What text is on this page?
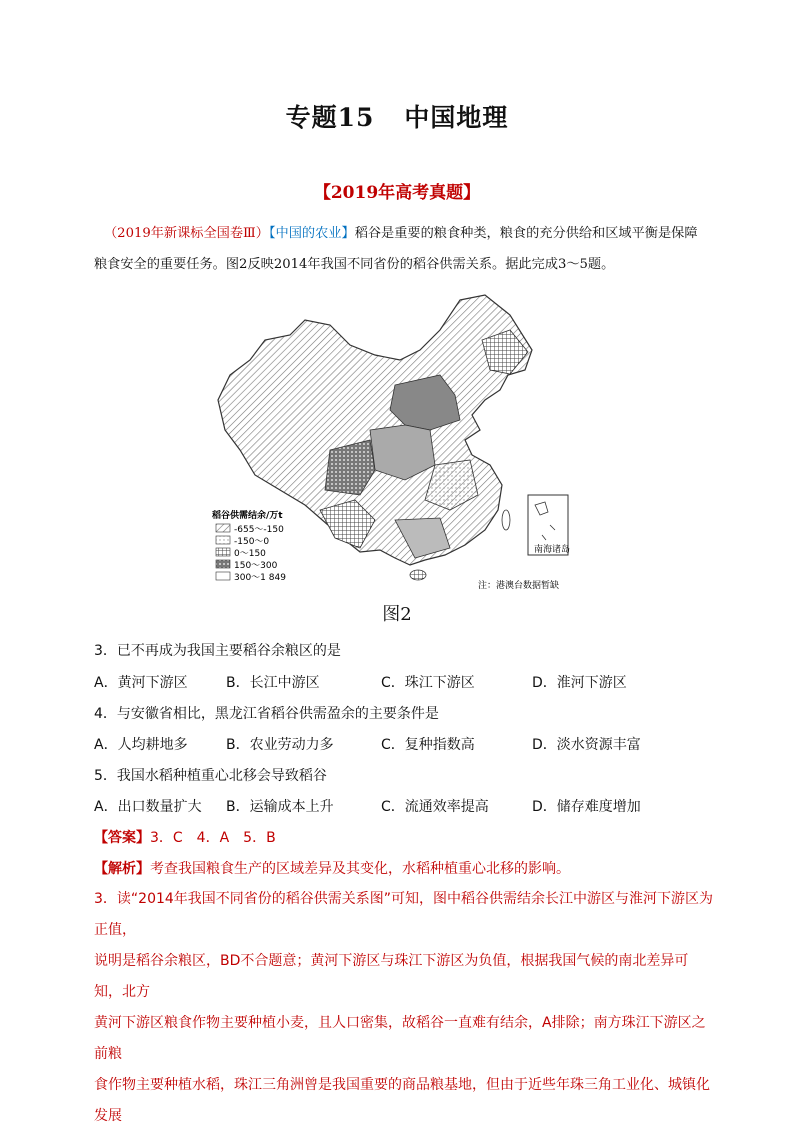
专题15 中国地理
【2019年高考真题】
（2019年新课标全国卷Ⅲ）【中国的农业】稻谷是重要的粮食种类，粮食的充分供给和区域平衡是保障
粮食安全的重要任务。图2反映2014年我国不同省份的稻谷供需关系。据此完成3～5题。
南海诸岛
稻谷供需结余/万t
-655～-150
-150～0
0～150
150～300
300～1 849
注：港澳台数据暂缺
图2
3．已不再成为我国主要稻谷余粮区的是
A．黄河下游区	B．长江中游区	C．珠江下游区	D．淮河下游区
4．与安徽省相比，黑龙江省稻谷供需盈余的主要条件是
A．人均耕地多	B．农业劳动力多	C．复种指数高	D．淡水资源丰富
5．我国水稻种植重心北移会导致稻谷
A．出口数量扩大 B．运输成本上升	C．流通效率提高	D．储存难度增加
【答案】3．C　4．A　5．B
【解析】考查我国粮食生产的区域差异及其变化，水稻种植重心北移的影响。
3．读“2014年我国不同省份的稻谷供需关系图”可知，图中稻谷供需结余长江中游区与淮河下游区为正值，
说明是稻谷余粮区，BD不合题意；黄河下游区与珠江下游区为负值，根据我国气候的南北差异可知，北方
黄河下游区粮食作物主要种植小麦，且人口密集，故稻谷一直难有结余，A排除；南方珠江下游区之前粮
食作物主要种植水稻，珠江三角洲曾是我国重要的商品粮基地，但由于近些年珠三角工业化、城镇化发展
